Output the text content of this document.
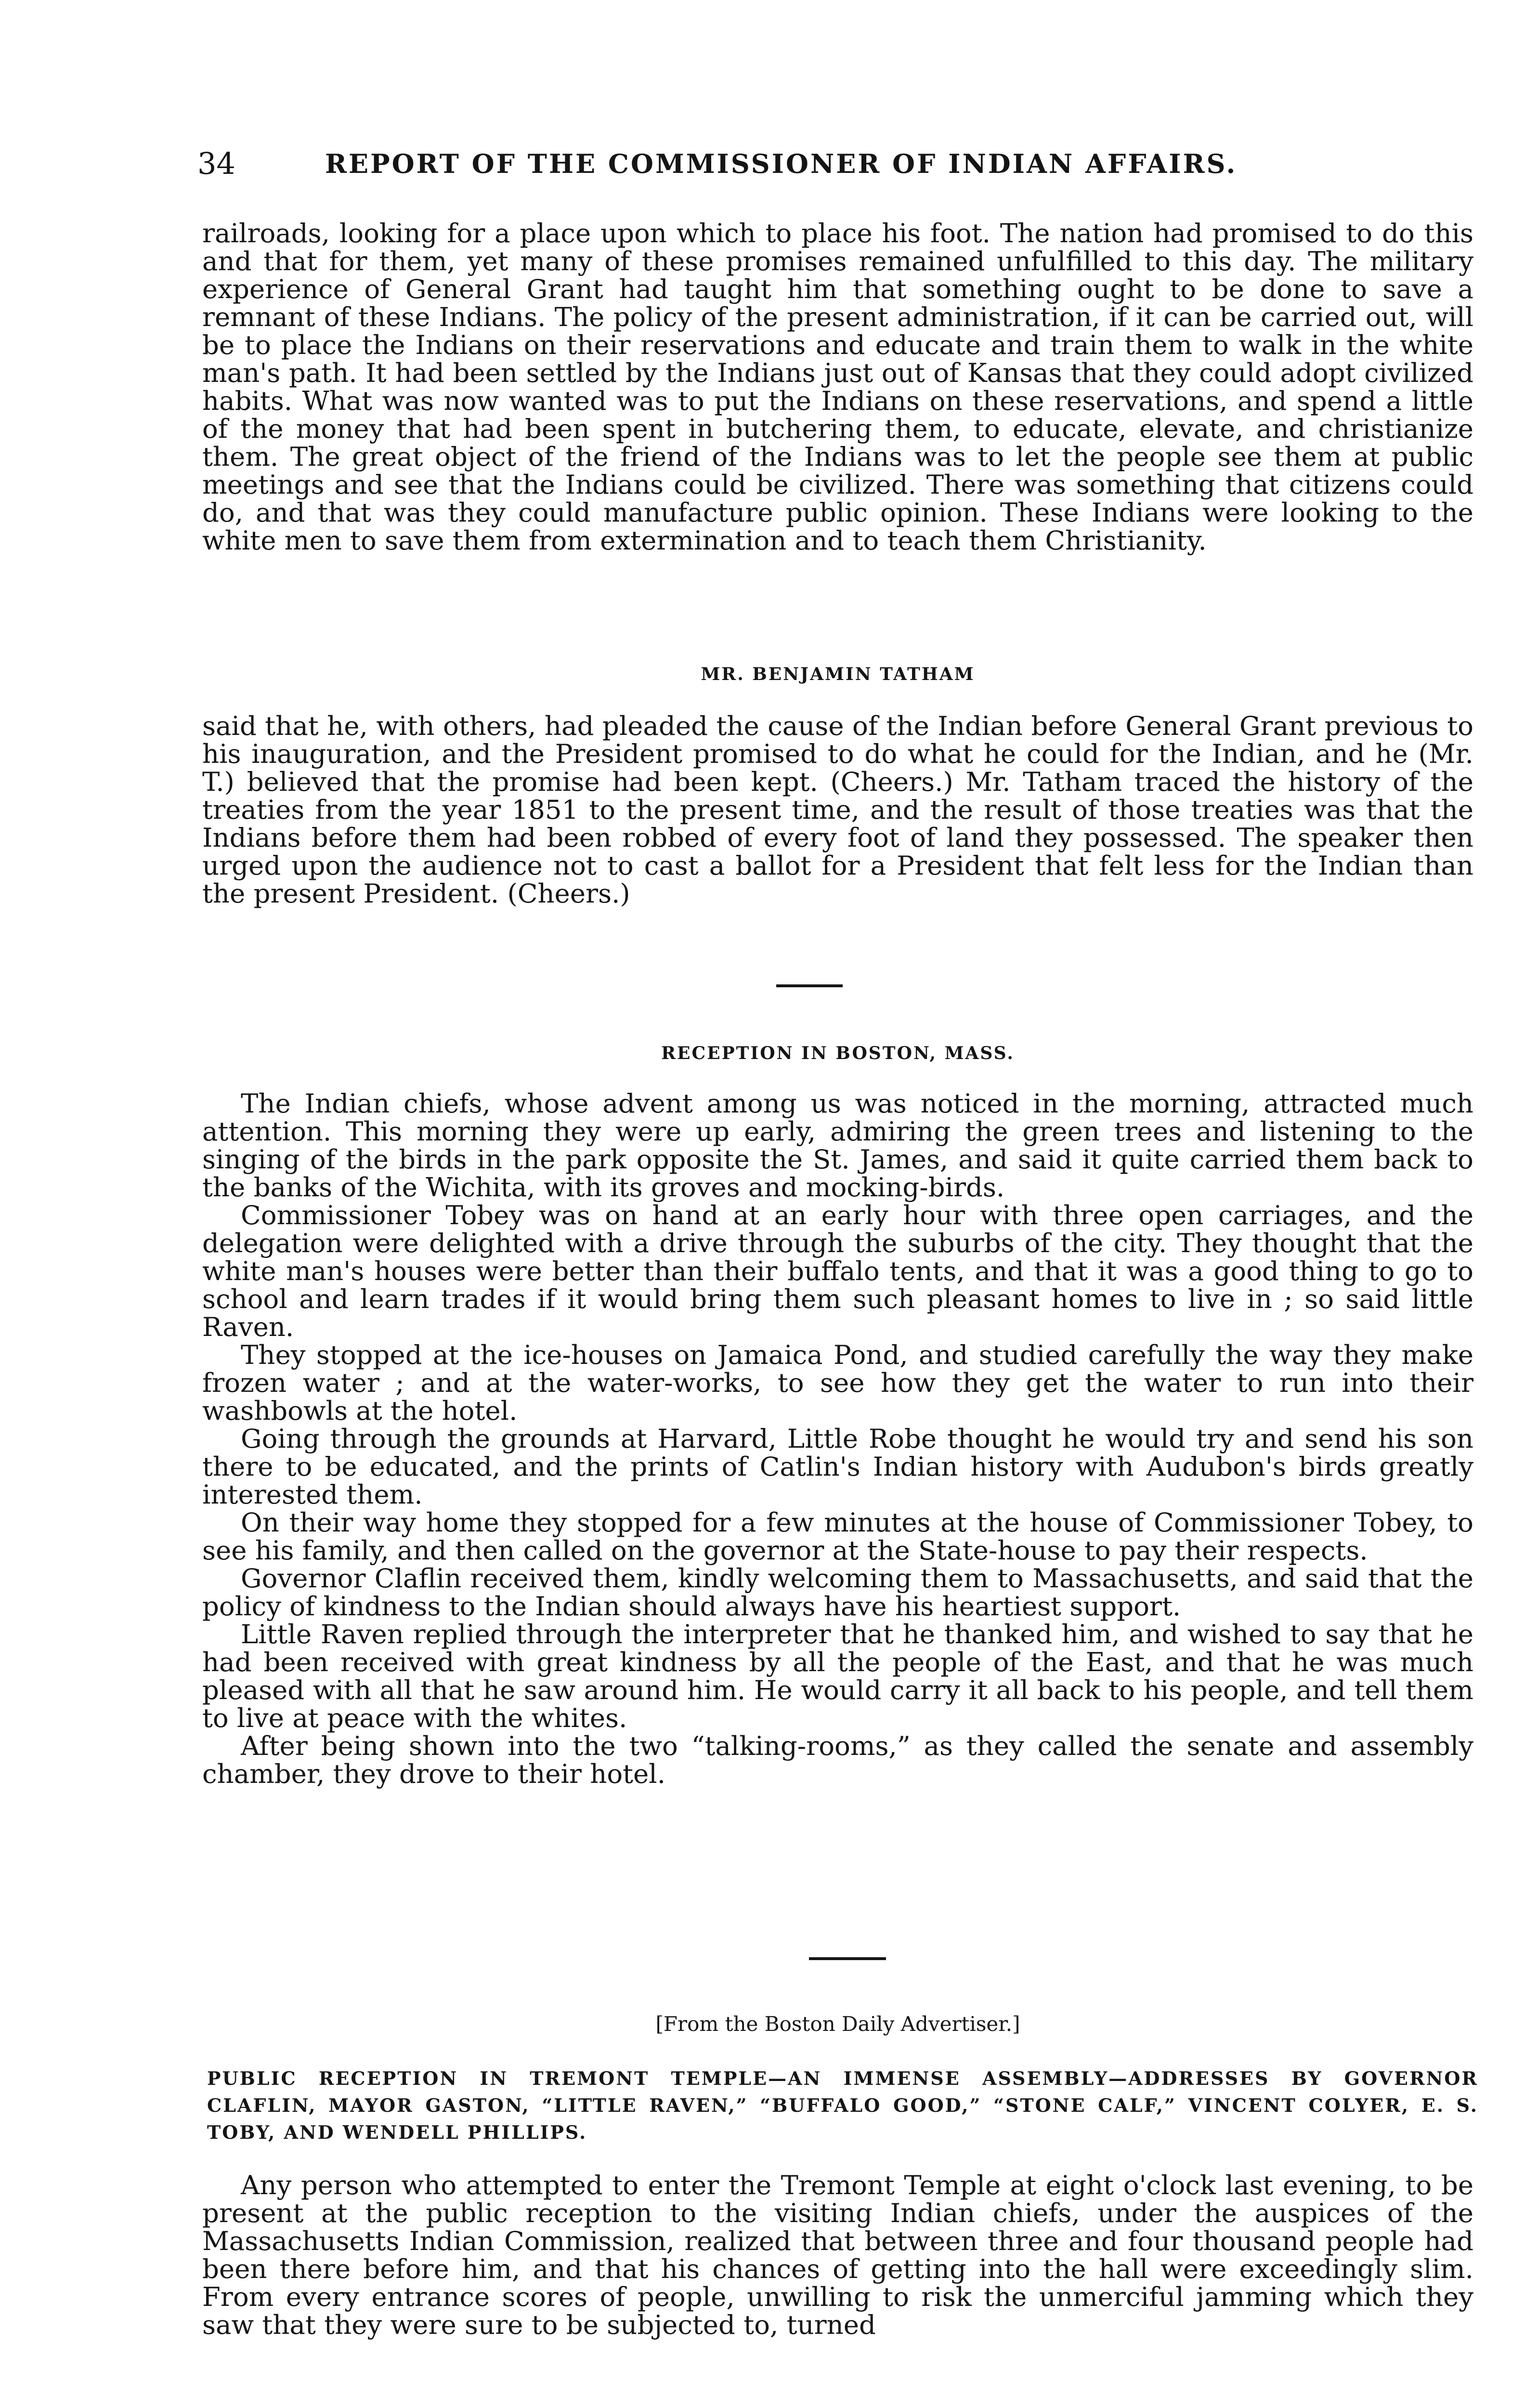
34	REPORT OF THE COMMISSIONER OF INDIAN AFFAIRS.

railroads, looking for a place upon which to place his foot. The nation had promised to do this and that for them, yet many of these promises remained unfulfilled to this day. The military experience of General Grant had taught him that something ought to be done to save a remnant of these Indians. The policy of the present administration, if it can be carried out, will be to place the Indians on their reservations and educate and train them to walk in the white man's path. It had been settled by the Indians just out of Kansas that they could adopt civilized habits. What was now wanted was to put the Indians on these reservations, and spend a little of the money that had been spent in butchering them, to educate, elevate, and christianize them. The great object of the friend of the Indians was to let the people see them at public meetings and see that the Indians could be civilized. There was something that citizens could do, and that was they could manufacture public opinion. These Indians were looking to the white men to save them from extermination and to teach them Christianity.

MR. BENJAMIN TATHAM

said that he, with others, had pleaded the cause of the Indian before General Grant previous to his inauguration, and the President promised to do what he could for the Indian, and he (Mr. T.) believed that the promise had been kept. (Cheers.) Mr. Tatham traced the history of the treaties from the year 1851 to the present time, and the result of those treaties was that the Indians before them had been robbed of every foot of land they possessed. The speaker then urged upon the audience not to cast a ballot for a President that felt less for the Indian than the present President. (Cheers.)

RECEPTION IN BOSTON, MASS.

The Indian chiefs, whose advent among us was noticed in the morning, attracted much attention. This morning they were up early, admiring the green trees and listening to the singing of the birds in the park opposite the St. James, and said it quite carried them back to the banks of the Wichita, with its groves and mocking-birds.

Commissioner Tobey was on hand at an early hour with three open carriages, and the delegation were delighted with a drive through the suburbs of the city. They thought that the white man's houses were better than their buffalo tents, and that it was a good thing to go to school and learn trades if it would bring them such pleasant homes to live in ; so said little Raven.

They stopped at the ice-houses on Jamaica Pond, and studied carefully the way they make frozen water ; and at the water-works, to see how they get the water to run into their washbowls at the hotel.

Going through the grounds at Harvard, Little Robe thought he would try and send his son there to be educated, and the prints of Catlin's Indian history with Audubon's birds greatly interested them.

On their way home they stopped for a few minutes at the house of Commissioner Tobey, to see his family, and then called on the governor at the State-house to pay their respects.

Governor Claflin received them, kindly welcoming them to Massachusetts, and said that the policy of kindness to the Indian should always have his heartiest support.

Little Raven replied through the interpreter that he thanked him, and wished to say that he had been received with great kindness by all the people of the East, and that he was much pleased with all that he saw around him. He would carry it all back to his people, and tell them to live at peace with the whites.

After being shown into the two “talking-rooms,” as they called the senate and assembly chamber, they drove to their hotel.

[From the Boston Daily Advertiser.]
PUBLIC RECEPTION IN TREMONT TEMPLE—AN IMMENSE ASSEMBLY—ADDRESSES BY GOVERNOR CLAFLIN, MAYOR GASTON, “LITTLE RAVEN,” “BUFFALO GOOD,” “STONE CALF,” VINCENT COLYER, E. S. TOBY, AND WENDELL PHILLIPS.

Any person who attempted to enter the Tremont Temple at eight o'clock last evening, to be present at the public reception to the visiting Indian chiefs, under the auspices of the Massachusetts Indian Commission, realized that between three and four thousand people had been there before him, and that his chances of getting into the hall were exceedingly slim. From every entrance scores of people, unwilling to risk the unmerciful jamming which they saw that they were sure to be subjected to, turned
